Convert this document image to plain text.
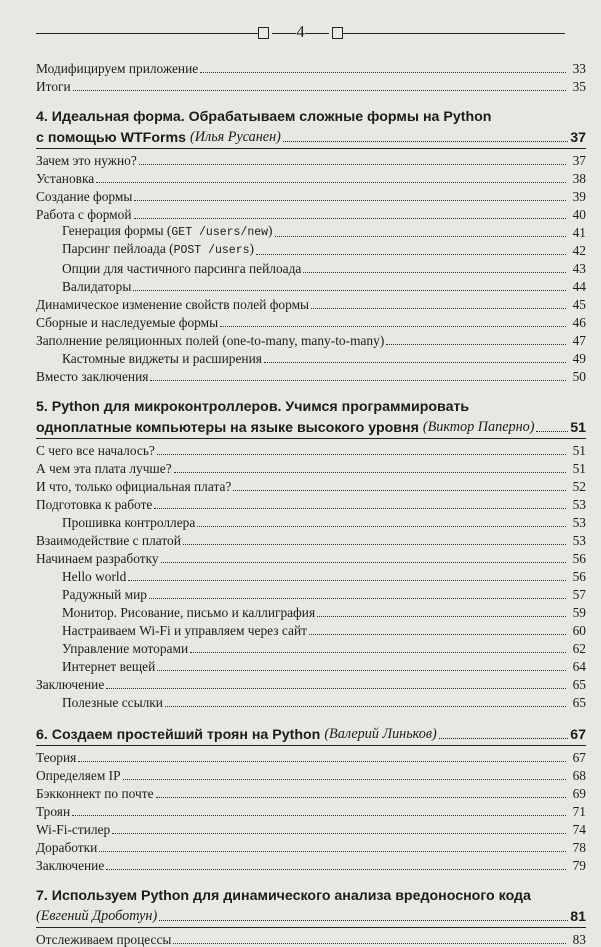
4
Модифицируем приложение	33
Итоги	35
4. Идеальная форма. Обрабатываем сложные формы на Python
с помощью WTForms (Илья Русанен)	37
Зачем это нужно?	37
Установка	38
Создание формы	39
Работа с формой	40
Генерация формы (GET /users/new)	41
Парсинг пейлоада (POST /users)	42
Опции для частичного парсинга пейлоада	43
Валидаторы	44
Динамическое изменение свойств полей формы	45
Сборные и наследуемые формы	46
Заполнение реляционных полей (one-to-many, many-to-many)	47
Кастомные виджеты и расширения	49
Вместо заключения	50
5. Python для микроконтроллеров. Учимся программировать
одноплатные компьютеры на языке высокого уровня (Виктор Паперно)	51
С чего все началось?	51
А чем эта плата лучше?	51
И что, только официальная плата?	52
Подготовка к работе	53
Прошивка контроллера	53
Взаимодействие с платой	53
Начинаем разработку	56
Hello world	56
Радужный мир	57
Монитор. Рисование, письмо и каллиграфия	59
Настраиваем Wi-Fi и управляем через сайт	60
Управление моторами	62
Интернет вещей	64
Заключение	65
Полезные ссылки	65
6. Создаем простейший троян на Python (Валерий Линьков)	67
Теория	67
Определяем IP	68
Бэкконнект по почте	69
Троян	71
Wi-Fi-стилер	74
Доработки	78
Заключение	79
7. Используем Python для динамического анализа вредоносного кода
(Евгений Дроботун)	81
Отслеживаем процессы	83
